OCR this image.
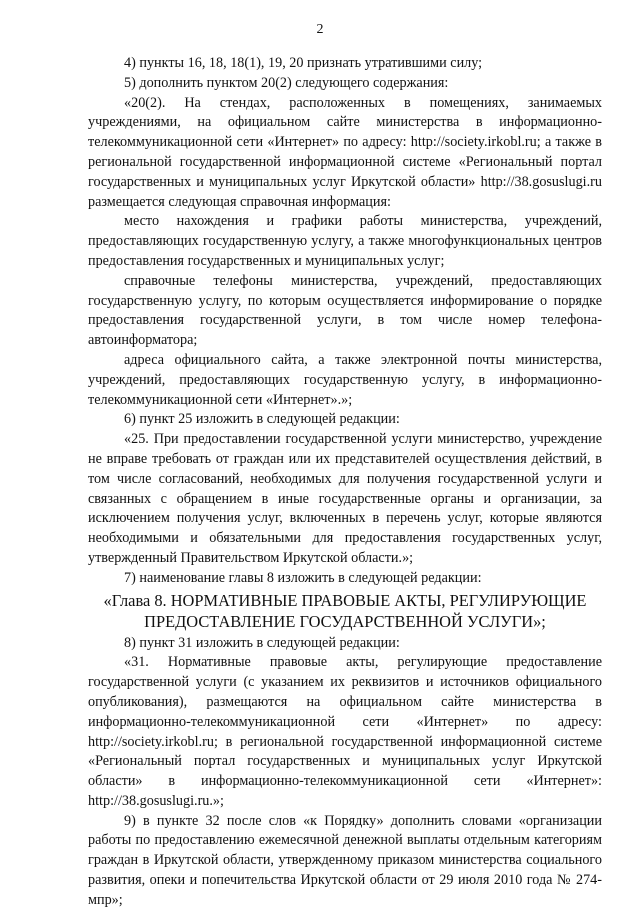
2

4) пункты 16, 18, 18(1), 19, 20 признать утратившими силу;

5) дополнить пунктом 20(2) следующего содержания:

«20(2). На стендах, расположенных в помещениях, занимаемых учреждениями, на официальном сайте министерства в информационно-телекоммуникационной сети «Интернет» по адресу: http://society.irkobl.ru; а также в региональной государственной информационной системе «Региональный портал государственных и муниципальных услуг Иркутской области» http://38.gosuslugi.ru размещается следующая справочная информация:

место нахождения и графики работы министерства, учреждений, предоставляющих государственную услугу, а также многофункциональных центров предоставления государственных и муниципальных услуг;

справочные телефоны министерства, учреждений, предоставляющих государственную услугу, по которым осуществляется информирование о порядке предоставления государственной услуги, в том числе номер телефона-автоинформатора;

адреса официального сайта, а также электронной почты министерства, учреждений, предоставляющих государственную услугу, в информационно-телекоммуникационной сети «Интернет».»;

6) пункт 25 изложить в следующей редакции:

«25. При предоставлении государственной услуги министерство, учреждение не вправе требовать от граждан или их представителей осуществления действий, в том числе согласований, необходимых для получения государственной услуги и связанных с обращением в иные государственные органы и организации, за исключением получения услуг, включенных в перечень услуг, которые являются необходимыми и обязательными для предоставления государственных услуг, утвержденный Правительством Иркутской области.»;

7) наименование главы 8 изложить в следующей редакции:

«Глава 8. НОРМАТИВНЫЕ ПРАВОВЫЕ АКТЫ, РЕГУЛИРУЮЩИЕ
ПРЕДОСТАВЛЕНИЕ ГОСУДАРСТВЕННОЙ УСЛУГИ»;

8) пункт 31 изложить в следующей редакции:

«31. Нормативные правовые акты, регулирующие предоставление государственной услуги (с указанием их реквизитов и источников официального опубликования), размещаются на официальном сайте министерства в информационно-телекоммуникационной сети «Интернет» по адресу: http://society.irkobl.ru; в региональной государственной информационной системе «Региональный портал государственных и муниципальных услуг Иркутской области» в информационно-телекоммуникационной сети «Интернет»: http://38.gosuslugi.ru.»;

9) в пункте 32 после слов «к Порядку» дополнить словами «организации работы по предоставлению ежемесячной денежной выплаты отдельным категориям граждан в Иркутской области, утвержденному приказом министерства социального развития, опеки и попечительства Иркутской области от 29 июля 2010 года № 274-мпр»;
